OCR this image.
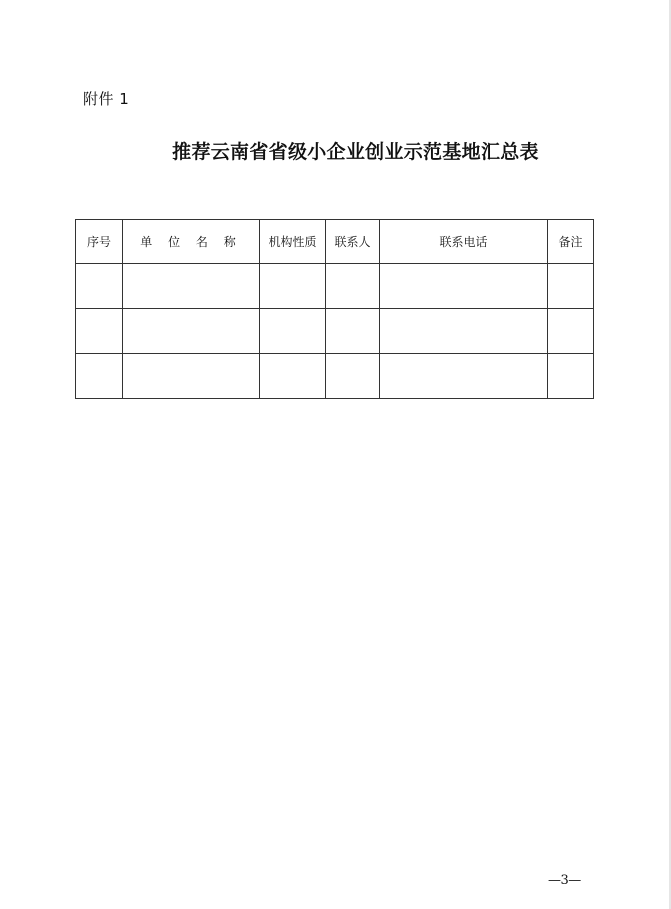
附件 1
推荐云南省省级小企业创业示范基地汇总表
序号	单 位 名 称	机构性质	联系人	联系电话	备注

—3—
